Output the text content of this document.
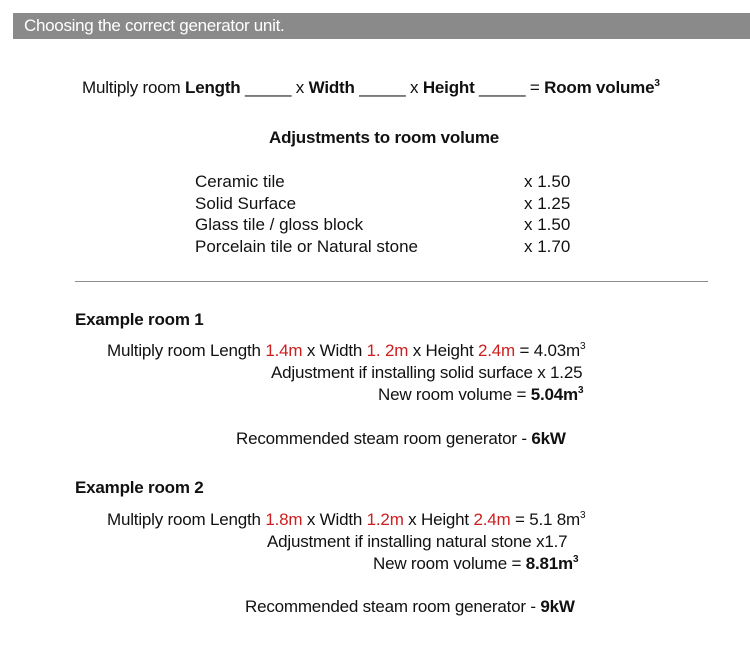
Choosing the correct generator unit.
Multiply room Length _____ x Width _____ x Height _____ = Room volume$^3$
Adjustments to room volume
Ceramic tile	x 1.50
Solid Surface	x 1.25
Glass tile / gloss block	x 1.50
Porcelain tile or Natural stone	x 1.70
Example room 1
Multiply room Length 1.4m x Width 1. 2m x Height $2.4m = 4.03m^3$
Adjustment if installing solid surface x 1.25
New room volume = $5.04m^3$
Recommended steam room generator - 6kW
Example room 2
Multiply room Length 1.8m x Width 1.2m x Height 2.4m = 5.1 $8m^3$
Adjustment if installing natural stone x1.7
New room volume = $8.81m^3$
Recommended steam room generator - 9kW
